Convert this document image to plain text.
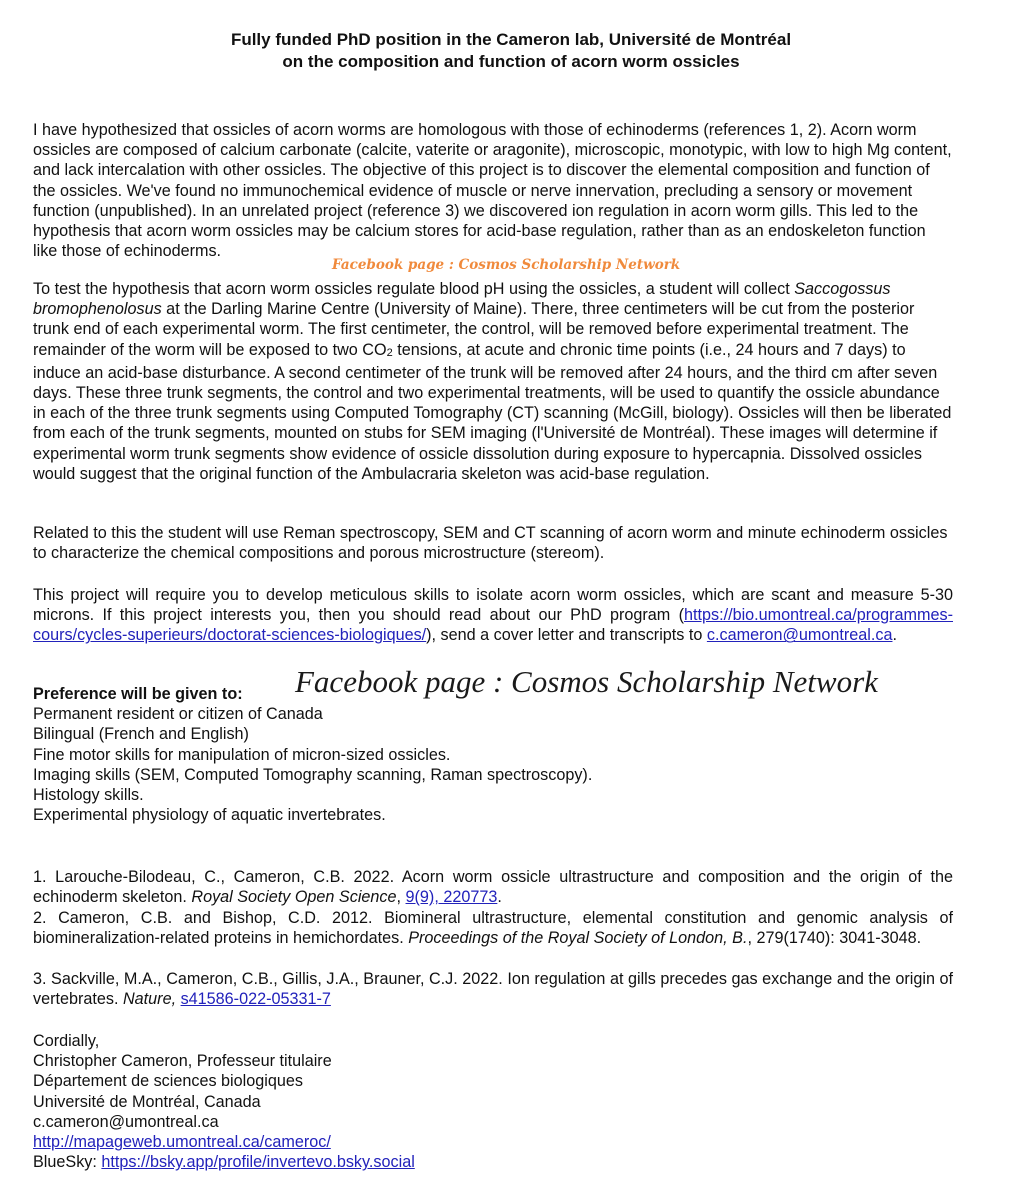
Fully funded PhD position in the Cameron lab, Université de Montréal
on the composition and function of acorn worm ossicles
I have hypothesized that ossicles of acorn worms are homologous with those of echinoderms (references 1, 2). Acorn worm ossicles are composed of calcium carbonate (calcite, vaterite or aragonite), microscopic, monotypic, with low to high Mg content, and lack intercalation with other ossicles. The objective of this project is to discover the elemental composition and function of the ossicles. We've found no immunochemical evidence of muscle or nerve innervation, precluding a sensory or movement function (unpublished). In an unrelated project (reference 3) we discovered ion regulation in acorn worm gills. This led to the hypothesis that acorn worm ossicles may be calcium stores for acid-base regulation, rather than as an endoskeleton function like those of echinoderms.
Facebook page : Cosmos Scholarship Network
To test the hypothesis that acorn worm ossicles regulate blood pH using the ossicles, a student will collect Saccogossus bromophenolosus at the Darling Marine Centre (University of Maine). There, three centimeters will be cut from the posterior trunk end of each experimental worm. The first centimeter, the control, will be removed before experimental treatment. The remainder of the worm will be exposed to two CO2 tensions, at acute and chronic time points (i.e., 24 hours and 7 days) to induce an acid-base disturbance. A second centimeter of the trunk will be removed after 24 hours, and the third cm after seven days. These three trunk segments, the control and two experimental treatments, will be used to quantify the ossicle abundance in each of the three trunk segments using Computed Tomography (CT) scanning (McGill, biology). Ossicles will then be liberated from each of the trunk segments, mounted on stubs for SEM imaging (l'Université de Montréal). These images will determine if experimental worm trunk segments show evidence of ossicle dissolution during exposure to hypercapnia. Dissolved ossicles would suggest that the original function of the Ambulacraria skeleton was acid-base regulation.
Related to this the student will use Reman spectroscopy, SEM and CT scanning of acorn worm and minute echinoderm ossicles to characterize the chemical compositions and porous microstructure (stereom).
This project will require you to develop meticulous skills to isolate acorn worm ossicles, which are scant and measure 5-30 microns. If this project interests you, then you should read about our PhD program (https://bio.umontreal.ca/programmes-cours/cycles-superieurs/doctorat-sciences-biologiques/), send a cover letter and transcripts to c.cameron@umontreal.ca.
Facebook page : Cosmos Scholarship Network
Preference will be given to:
Permanent resident or citizen of Canada
Bilingual (French and English)
Fine motor skills for manipulation of micron-sized ossicles.
Imaging skills (SEM, Computed Tomography scanning, Raman spectroscopy).
Histology skills.
Experimental physiology of aquatic invertebrates.
1. Larouche-Bilodeau, C., Cameron, C.B. 2022. Acorn worm ossicle ultrastructure and composition and the origin of the echinoderm skeleton. Royal Society Open Science, 9(9), 220773.
2. Cameron, C.B. and Bishop, C.D. 2012. Biomineral ultrastructure, elemental constitution and genomic analysis of biomineralization-related proteins in hemichordates. Proceedings of the Royal Society of London, B., 279(1740): 3041-3048.
3. Sackville, M.A., Cameron, C.B., Gillis, J.A., Brauner, C.J. 2022. Ion regulation at gills precedes gas exchange and the origin of vertebrates. Nature, s41586-022-05331-7
Cordially,
Christopher Cameron, Professeur titulaire
Département de sciences biologiques
Université de Montréal, Canada
c.cameron@umontreal.ca
http://mapageweb.umontreal.ca/cameroc/
BlueSky: https://bsky.app/profile/invertevo.bsky.social
